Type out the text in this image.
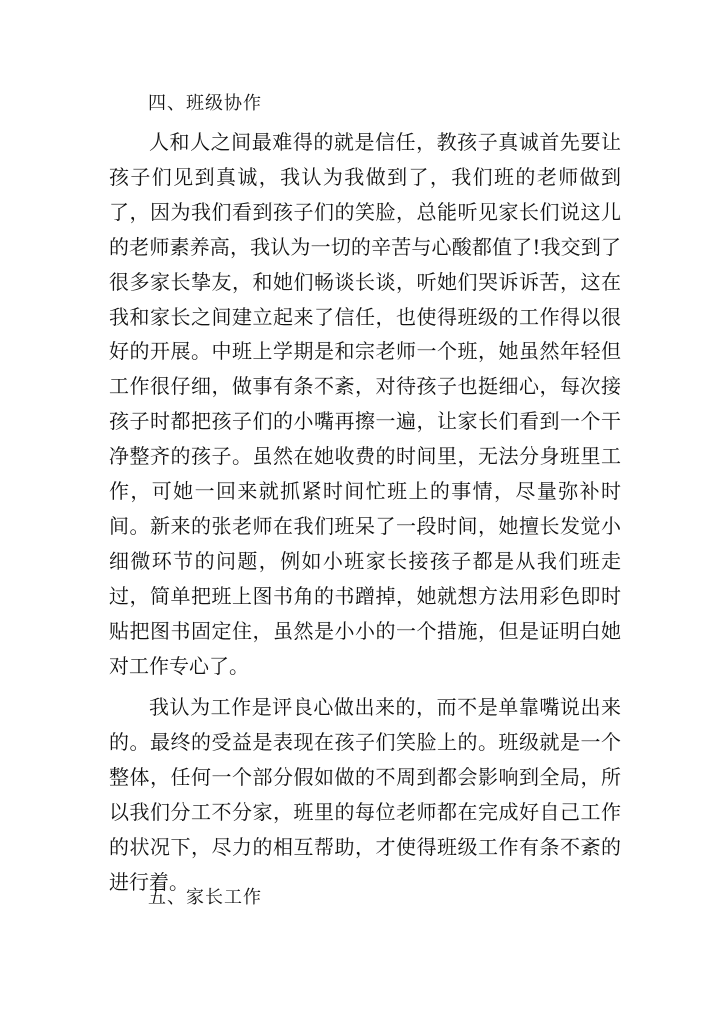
四、班级协作

人和人之间最难得的就是信任，教孩子真诚首先要让孩子们见到真诚，我认为我做到了，我们班的老师做到了，因为我们看到孩子们的笑脸，总能听见家长们说这儿的老师素养高，我认为一切的辛苦与心酸都值了!我交到了很多家长挚友，和她们畅谈长谈，听她们哭诉诉苦，这在我和家长之间建立起来了信任，也使得班级的工作得以很好的开展。中班上学期是和宗老师一个班，她虽然年轻但工作很仔细，做事有条不紊，对待孩子也挺细心，每次接孩子时都把孩子们的小嘴再擦一遍，让家长们看到一个干净整齐的孩子。虽然在她收费的时间里，无法分身班里工作，可她一回来就抓紧时间忙班上的事情，尽量弥补时间。新来的张老师在我们班呆了一段时间，她擅长发觉小细微环节的问题，例如小班家长接孩子都是从我们班走过，简单把班上图书角的书蹭掉，她就想方法用彩色即时贴把图书固定住，虽然是小小的一个措施，但是证明白她对工作专心了。

我认为工作是评良心做出来的，而不是单靠嘴说出来的。最终的受益是表现在孩子们笑脸上的。班级就是一个整体，任何一个部分假如做的不周到都会影响到全局，所以我们分工不分家，班里的每位老师都在完成好自己工作的状况下，尽力的相互帮助，才使得班级工作有条不紊的进行着。

五、家长工作
